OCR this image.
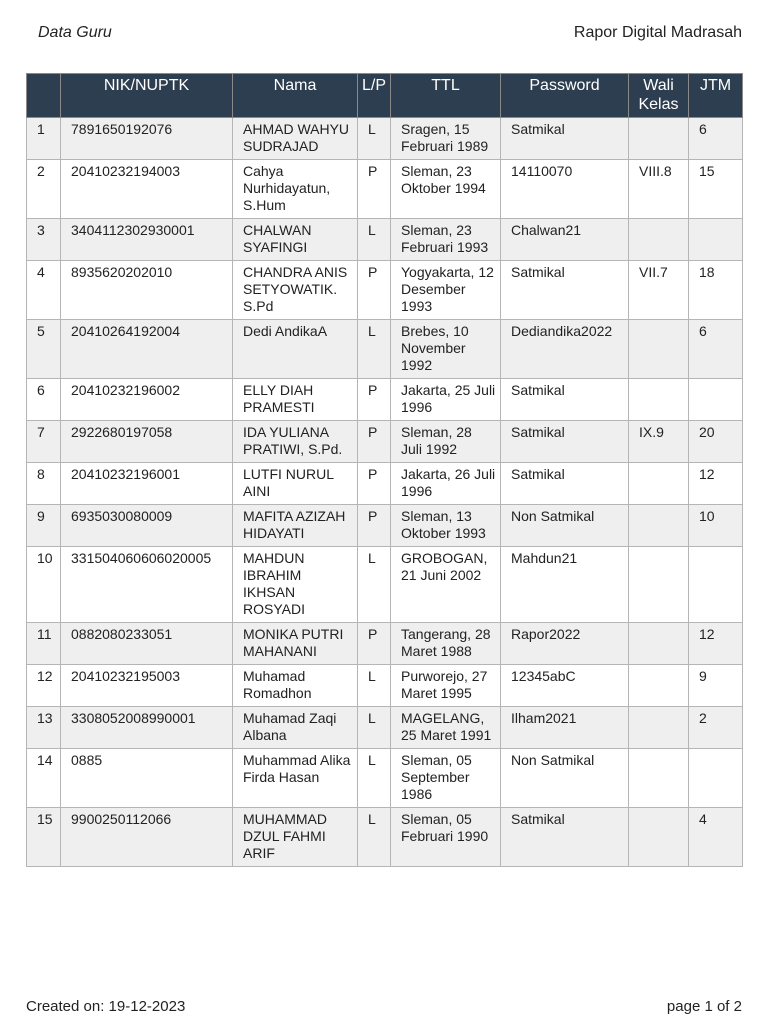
Data Guru	Rapor Digital Madrasah
	NIK/NUPTK	Nama	L/P	TTL	Password	Wali Kelas	JTM
1	7891650192076	AHMAD WAHYU SUDRAJAD	L	Sragen, 15 Februari 1989	Satmikal		6
2	20410232194003	Cahya Nurhidayatun, S.Hum	P	Sleman, 23 Oktober 1994	14110070	VIII.8	15
3	3404112302930001	CHALWAN SYAFINGI	L	Sleman, 23 Februari 1993	Chalwan21		
4	8935620202010	CHANDRA ANIS SETYOWATIK. S.Pd	P	Yogyakarta, 12 Desember 1993	Satmikal	VII.7	18
5	20410264192004	Dedi AndikaA	L	Brebes, 10 November 1992	Dediandika2022		6
6	20410232196002	ELLY DIAH PRAMESTI	P	Jakarta, 25 Juli 1996	Satmikal		
7	2922680197058	IDA YULIANA PRATIWI, S.Pd.	P	Sleman, 28 Juli 1992	Satmikal	IX.9	20
8	20410232196001	LUTFI NURUL AINI	P	Jakarta, 26 Juli 1996	Satmikal		12
9	6935030080009	MAFITA AZIZAH HIDAYATI	P	Sleman, 13 Oktober 1993	Non Satmikal		10
10	331504060606020005	MAHDUN IBRAHIM IKHSAN ROSYADI	L	GROBOGAN, 21 Juni 2002	Mahdun21		
11	0882080233051	MONIKA PUTRI MAHANANI	P	Tangerang, 28 Maret 1988	Rapor2022		12
12	20410232195003	Muhamad Romadhon	L	Purworejo, 27 Maret 1995	12345abC		9
13	3308052008990001	Muhamad Zaqi Albana	L	MAGELANG, 25 Maret 1991	Ilham2021		2
14	0885	Muhammad Alika Firda Hasan	L	Sleman, 05 September 1986	Non Satmikal		
15	9900250112066	MUHAMMAD DZUL FAHMI ARIF	L	Sleman, 05 Februari 1990	Satmikal		4
Created on: 19-12-2023	page 1 of 2
